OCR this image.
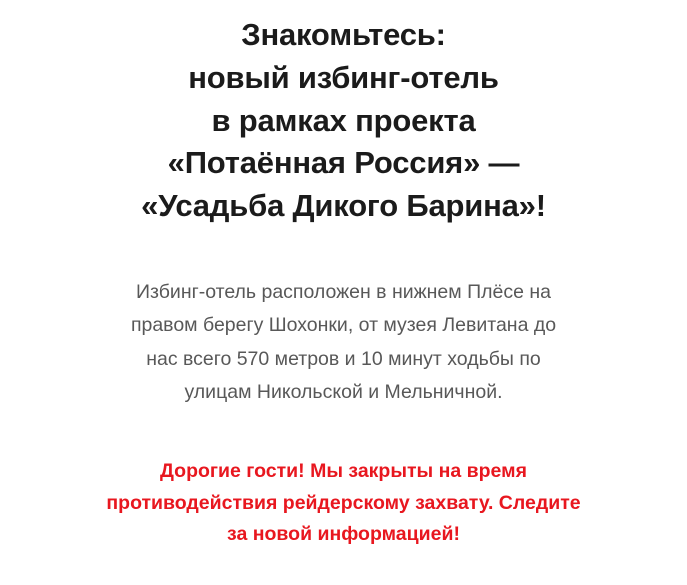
Знакомьтесь:
новый избинг-отель
в рамках проекта
«Потаённая Россия» —
«Усадьба Дикого Барина»!

Избинг-отель расположен в нижнем Плёсе на
правом берегу Шохонки, от музея Левитана до
нас всего 570 метров и 10 минут ходьбы по
улицам Никольской и Мельничной.

Дорогие гости! Мы закрыты на время
противодействия рейдерскому захвату. Следите
за новой информацией!
